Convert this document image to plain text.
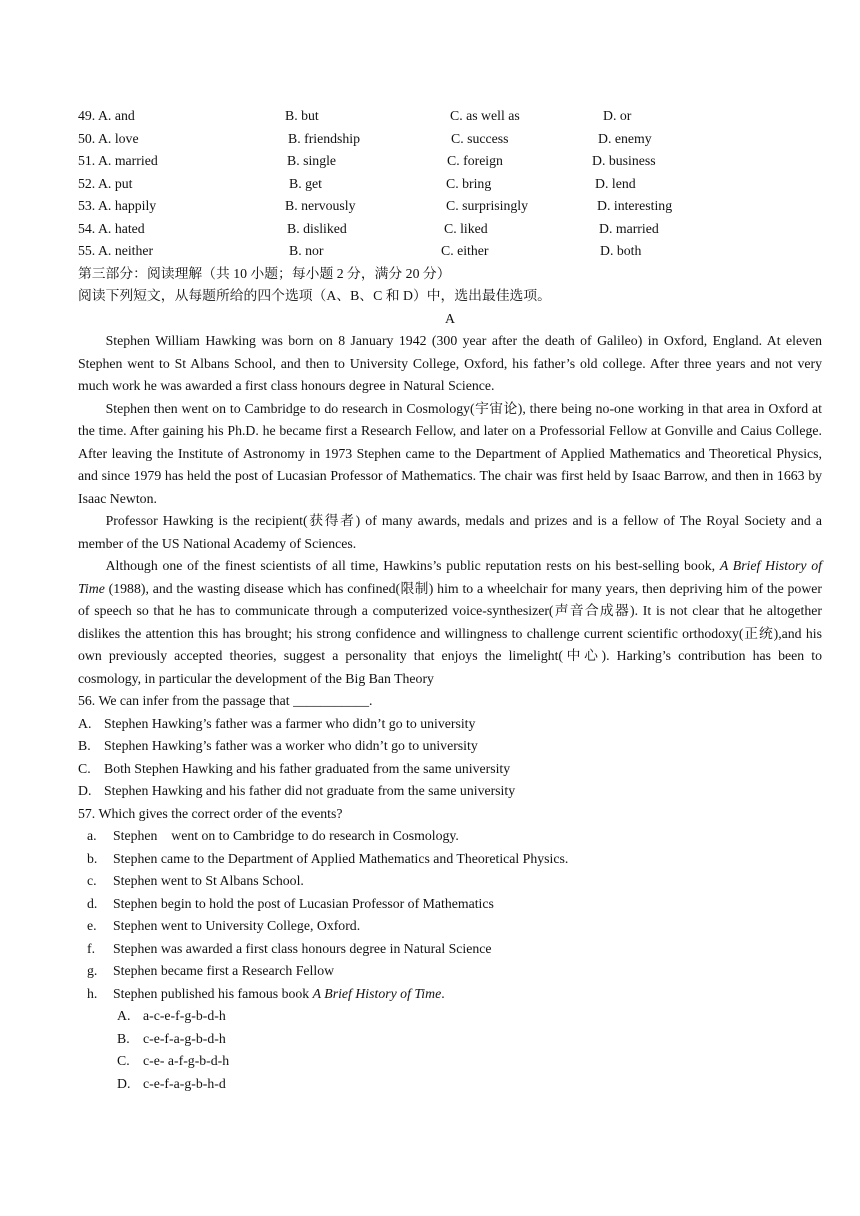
49. A. and	B. but	C. as well as	D. or
50. A. love	B. friendship	C. success	D. enemy
51. A. married	B. single	C. foreign	D. business
52. A. put	B. get	C. bring	D. lend
53. A. happily	B. nervously	C. surprisingly	D. interesting
54. A. hated	B. disliked	C. liked	D. married
55. A. neither	B. nor	C. either	D. both
第三部分：阅读理解（共 10 小题；每小题 2 分，满分 20 分）
阅读下列短文，从每题所给的四个选项（A、B、C 和 D）中，选出最佳选项。
A

Stephen William Hawking was born on 8 January 1942 (300 year after the death of Galileo) in Oxford, England. At eleven Stephen went to St Albans School, and then to University College, Oxford, his father’s old college. After three years and not very much work he was awarded a first class honours degree in Natural Science.

Stephen then went on to Cambridge to do research in Cosmology(宇宙论), there being no-one working in that area in Oxford at the time. After gaining his Ph.D. he became first a Research Fellow, and later on a Professorial Fellow at Gonville and Caius College. After leaving the Institute of Astronomy in 1973 Stephen came to the Department of Applied Mathematics and Theoretical Physics, and since 1979 has held the post of Lucasian Professor of Mathematics. The chair was first held by Isaac Barrow, and then in 1663 by Isaac Newton.

Professor Hawking is the recipient(获得者) of many awards, medals and prizes and is a fellow of The Royal Society and a member of the US National Academy of Sciences.

Although one of the finest scientists of all time, Hawkins’s public reputation rests on his best-selling book, A Brief History of Time (1988), and the wasting disease which has confined(限制) him to a wheelchair for many years, then depriving him of the power of speech so that he has to communicate through a computerized voice-synthesizer(声音合成器). It is not clear that he altogether dislikes the attention this has brought; his strong confidence and willingness to challenge current scientific orthodoxy(正统),and his own previously accepted theories, suggest a personality that enjoys the limelight(中心). Harking’s contribution has been to cosmology, in particular the development of the Big Ban Theory

56. We can infer from the passage that ___________.
A. Stephen Hawking’s father was a farmer who didn’t go to university
B. Stephen Hawking’s father was a worker who didn’t go to university
C. Both Stephen Hawking and his father graduated from the same university
D. Stephen Hawking and his father did not graduate from the same university
57. Which gives the correct order of the events?
a. Stephen    went on to Cambridge to do research in Cosmology.
b. Stephen came to the Department of Applied Mathematics and Theoretical Physics.
c. Stephen went to St Albans School.
d. Stephen begin to hold the post of Lucasian Professor of Mathematics
e. Stephen went to University College, Oxford.
f. Stephen was awarded a first class honours degree in Natural Science
g. Stephen became first a Research Fellow
h. Stephen published his famous book A Brief History of Time.
A. a-c-e-f-g-b-d-h
B. c-e-f-a-g-b-d-h
C. c-e- a-f-g-b-d-h
D. c-e-f-a-g-b-h-d
